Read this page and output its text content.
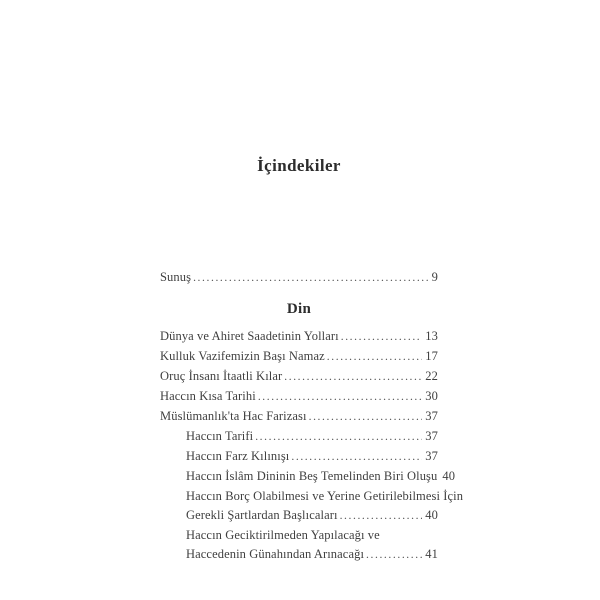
İçindekiler
Sunuş .....	9
Din
Dünya ve Ahiret Saadetinin Yolları .....	13
Kulluk Vazifemizin Başı Namaz .....	17
Oruç İnsanı İtaatli Kılar .....	22
Haccın Kısa Tarihi .....	30
Müslümanlık'ta Hac Farizası .....	37
Haccın Tarifi .....	37
Haccın Farz Kılınışı .....	37
Haccın İslâm Dininin Beş Temelinden Biri Oluşu 40
Haccın Borç Olabilmesi ve Yerine Getirilebilmesi İçin
Gerekli Şartlardan Başlıcaları .....	40
Haccın Geciktirilmeden Yapılacağı ve
Haccedenin Günahından Arınacağı .....	41
